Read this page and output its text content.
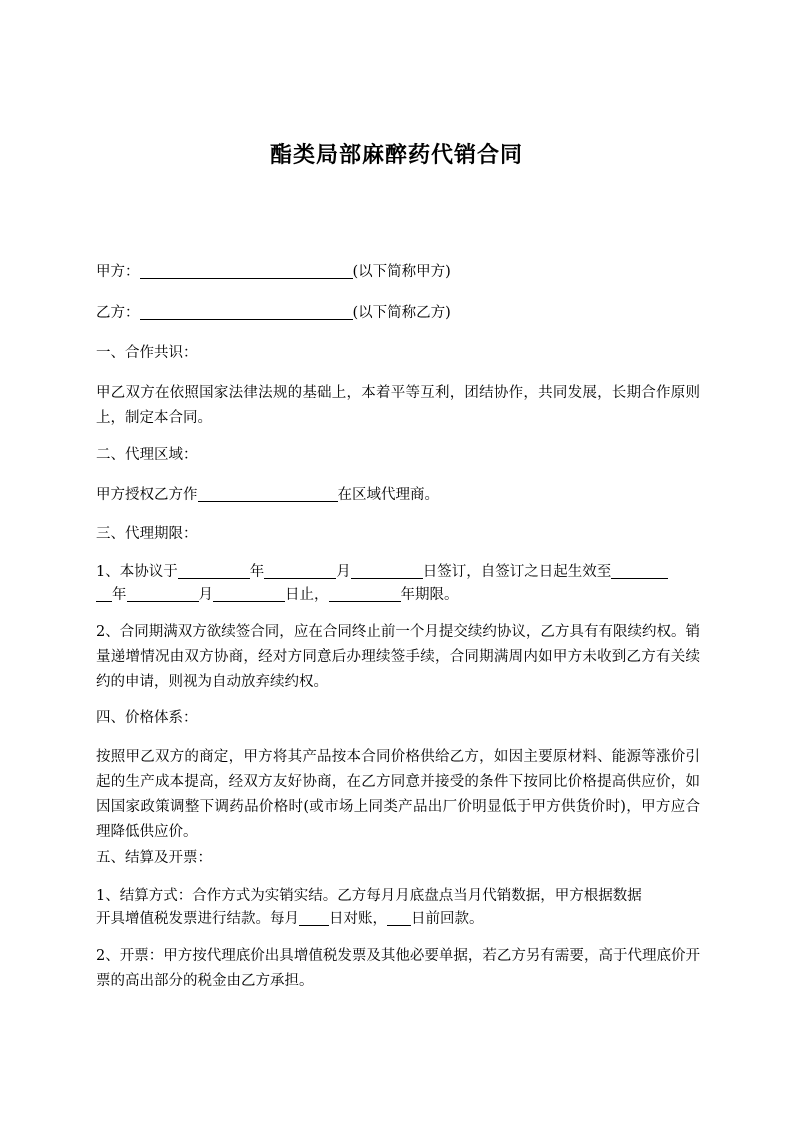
酯类局部麻醉药代销合同
甲方：	(以下简称甲方)
乙方：	(以下简称乙方)
一、合作共识：
甲乙双方在依照国家法律法规的基础上，本着平等互利，团结协作，共同发展，长期合作原则上，制定本合同。
二、代理区域：
甲方授权乙方作	在区域代理商。
三、代理期限：
1、本协议于	年	月	日签订，自签订之日起生效至
年	月	日止，	年期限。
2、合同期满双方欲续签合同，应在合同终止前一个月提交续约协议，乙方具有有限续约权。销量递增情况由双方协商，经对方同意后办理续签手续，合同期满周内如甲方未收到乙方有关续约的申请，则视为自动放弃续约权。
四、价格体系：
按照甲乙双方的商定，甲方将其产品按本合同价格供给乙方，如因主要原材料、能源等涨价引起的生产成本提高，经双方友好协商，在乙方同意并接受的条件下按同比价格提高供应价，如因国家政策调整下调药品价格时(或市场上同类产品出厂价明显低于甲方供货价时)，甲方应合理降低供应价。
五、结算及开票：
1、结算方式：合作方式为实销实结。乙方每月月底盘点当月代销数据，甲方根据数据
开具增值税发票进行结款。每月 日对账， 日前回款。
2、开票：甲方按代理底价出具增值税发票及其他必要单据，若乙方另有需要，高于代理底价开票的高出部分的税金由乙方承担。
